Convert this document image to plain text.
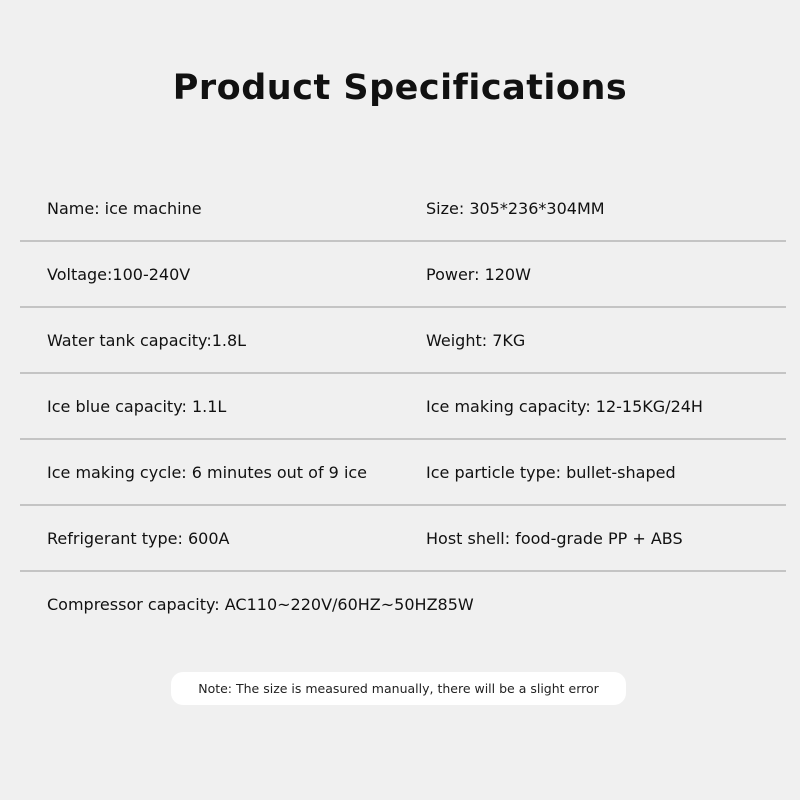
Product Specifications
Name: ice machine	Size: 305*236*304MM
Voltage:100-240V	Power: 120W
Water tank capacity:1.8L	Weight: 7KG
Ice blue capacity: 1.1L	Ice making capacity: 12-15KG/24H
Ice making cycle: 6 minutes out of 9 ice	Ice particle type: bullet-shaped
Refrigerant type: 600A	Host shell: food-grade PP + ABS
Compressor capacity: AC110~220V/60HZ~50HZ85W
Note: The size is measured manually, there will be a slight error
